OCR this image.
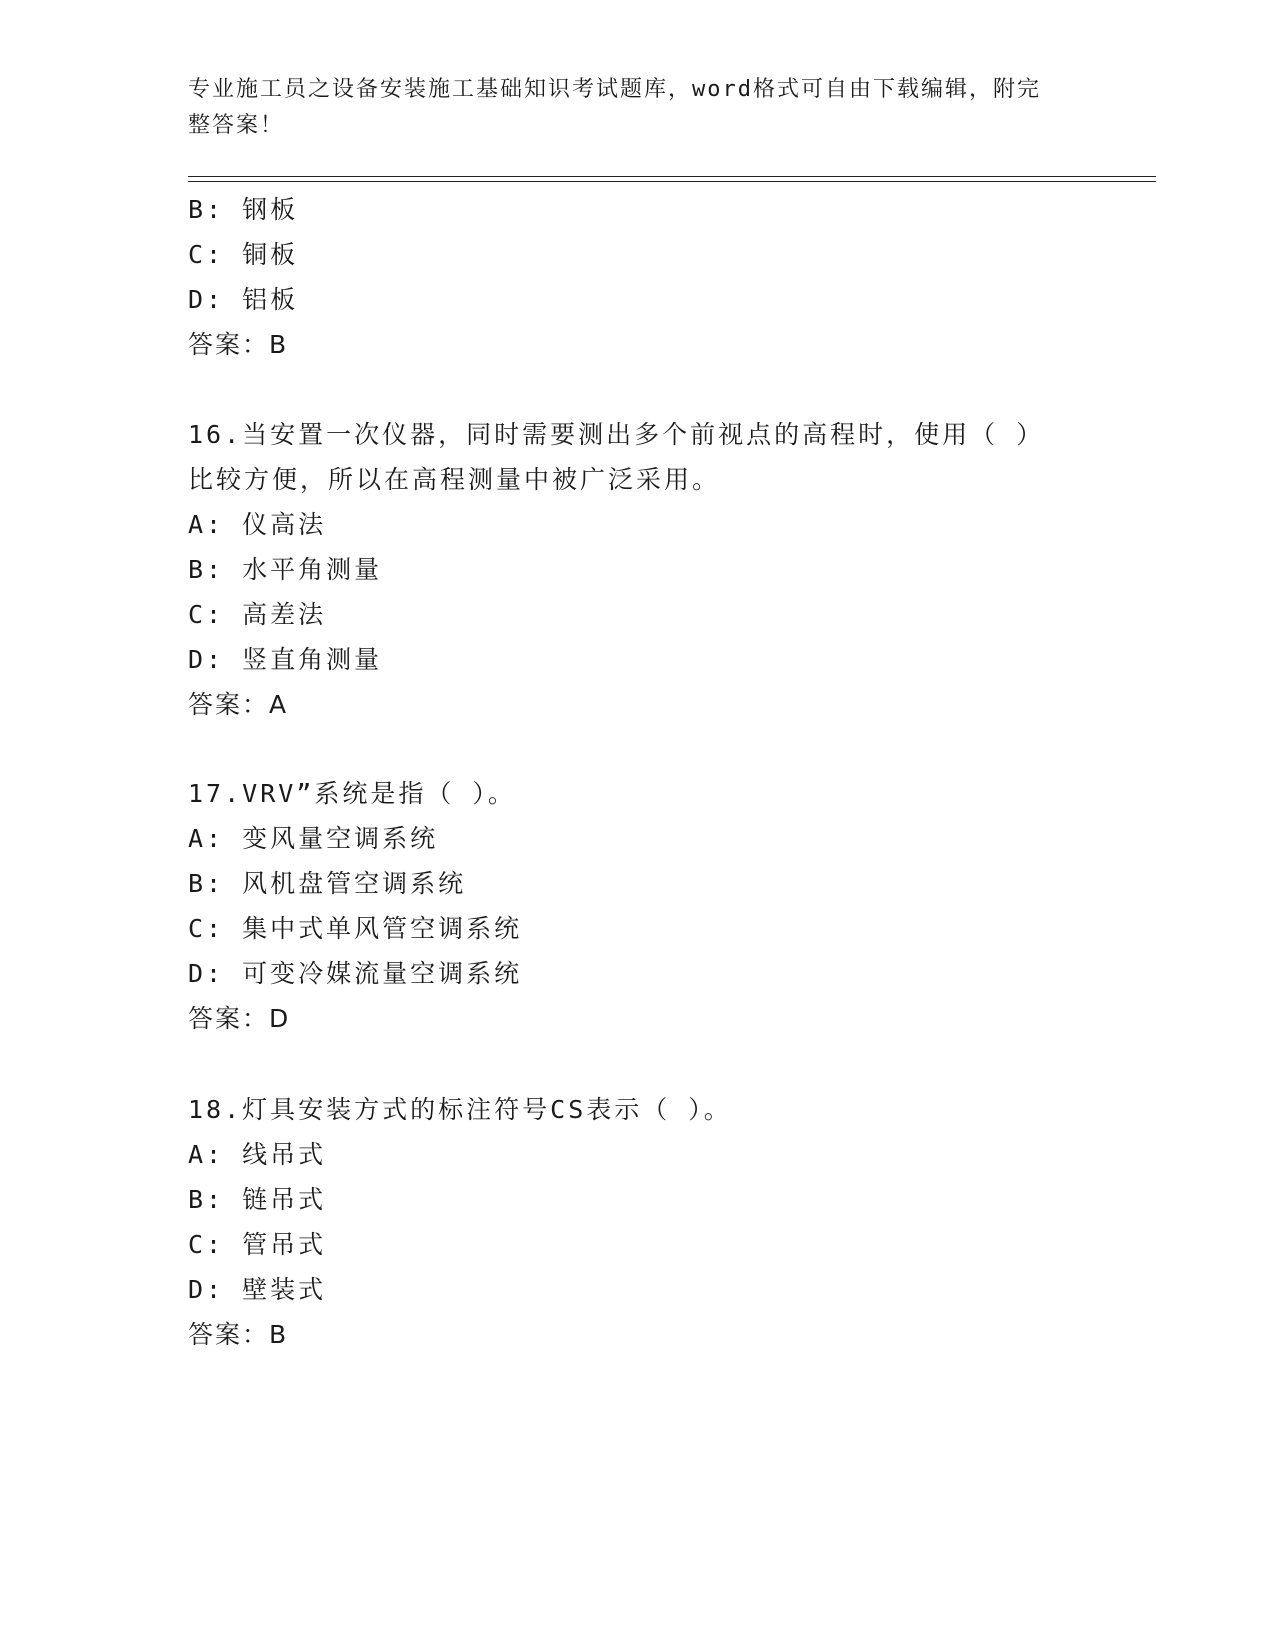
专业施工员之设备安装施工基础知识考试题库，word格式可自由下载编辑，附完
整答案！
B: 钢板
C: 铜板
D: 铝板
答案：B
16.当安置一次仪器，同时需要测出多个前视点的高程时，使用（ ）
比较方便，所以在高程测量中被广泛采用。
A: 仪高法
B: 水平角测量
C: 高差法
D: 竖直角测量
答案：A
17.VRV”系统是指（ ）。
A: 变风量空调系统
B: 风机盘管空调系统
C: 集中式单风管空调系统
D: 可变冷媒流量空调系统
答案：D
18.灯具安装方式的标注符号CS表示（ ）。
A: 线吊式
B: 链吊式
C: 管吊式
D: 壁装式
答案：B
